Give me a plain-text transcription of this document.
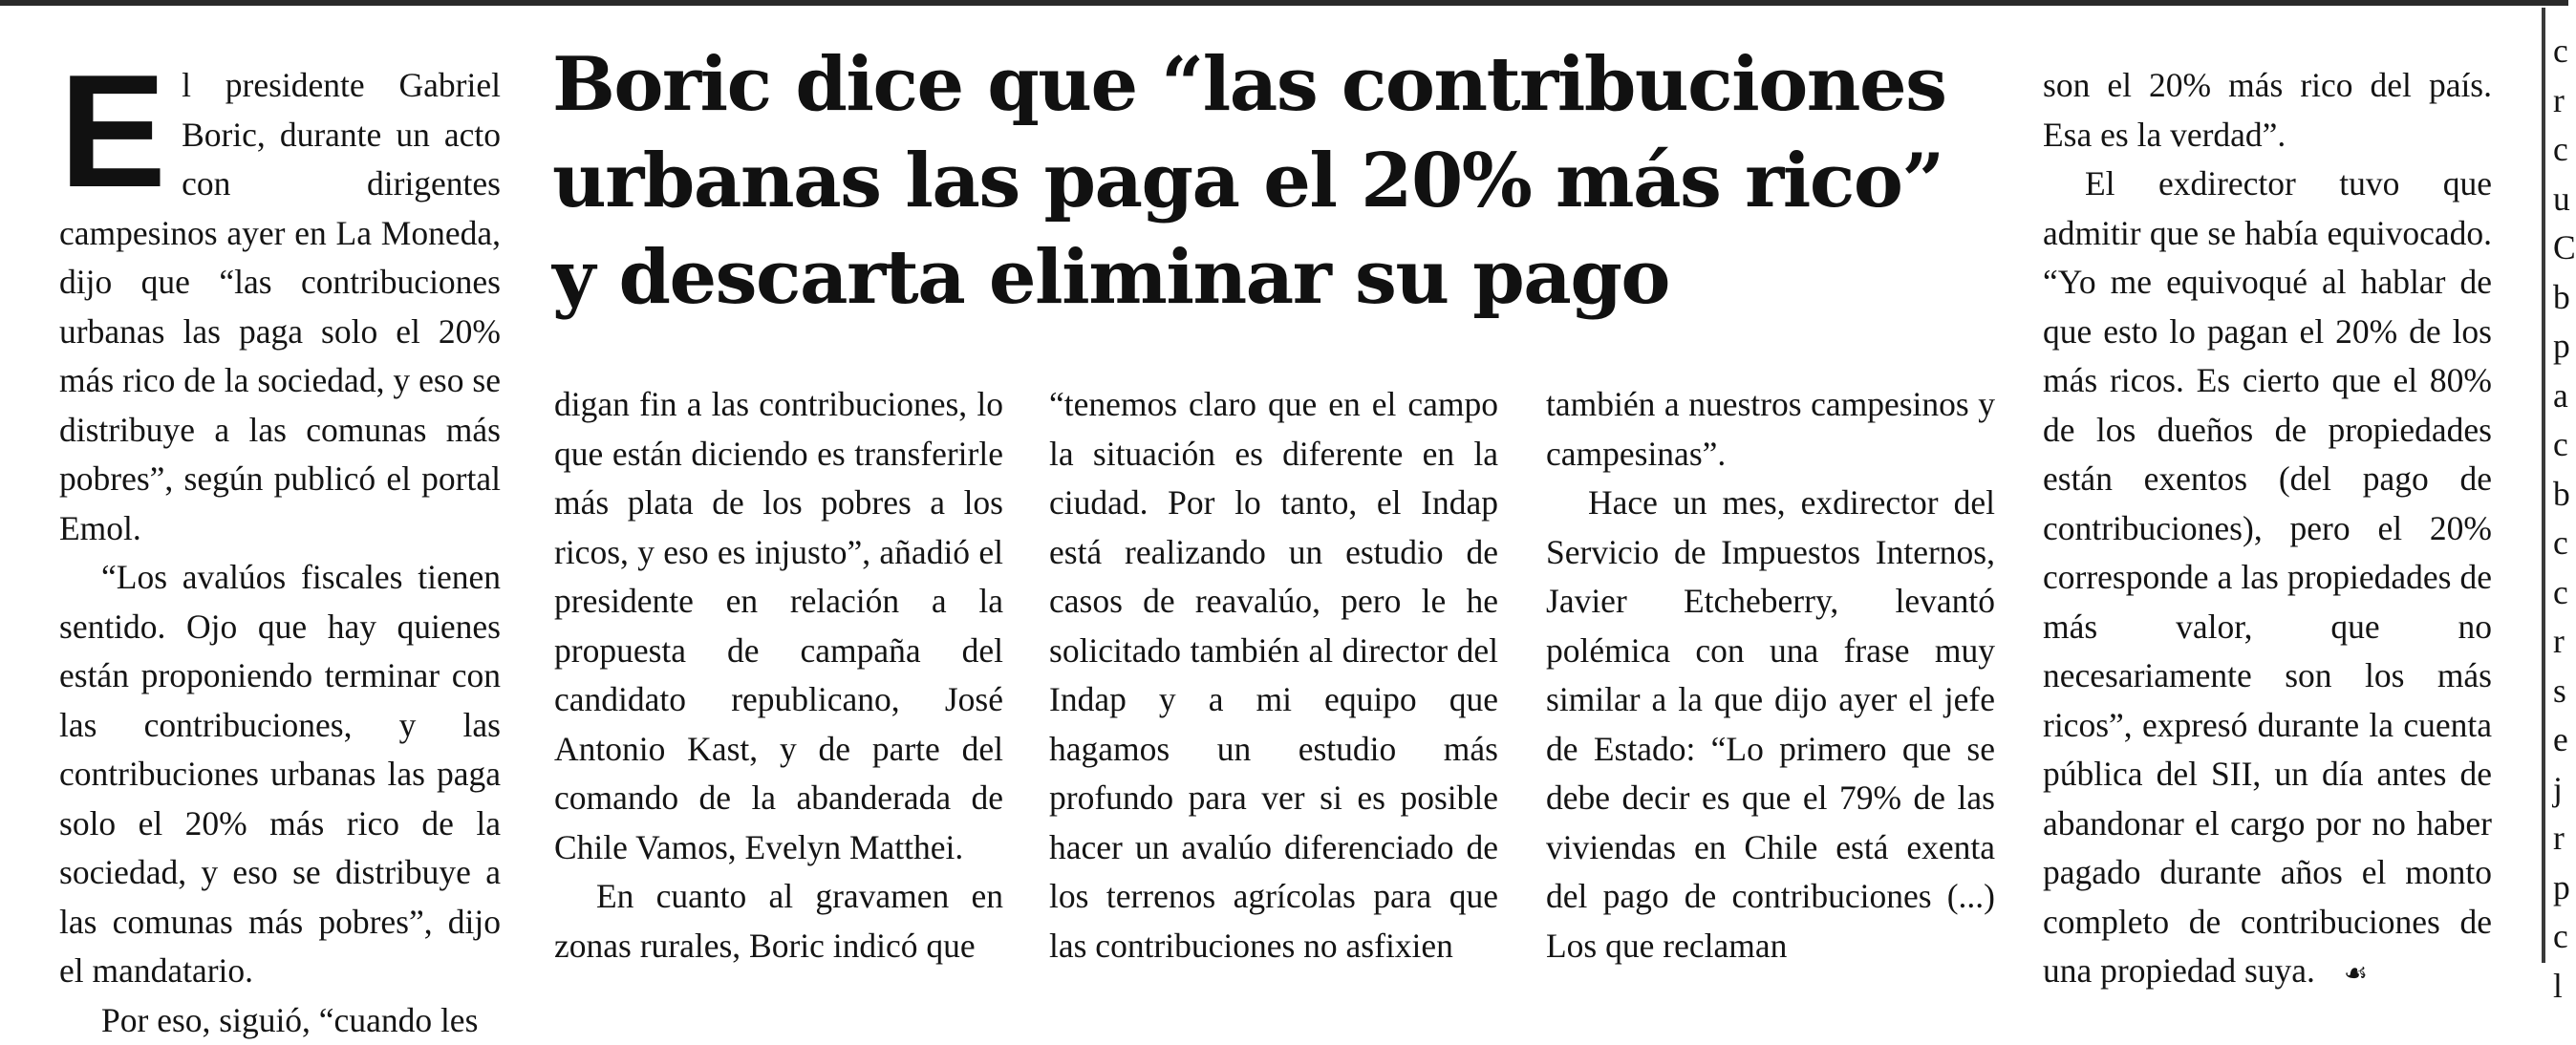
Boric dice que “las contribuciones
urbanas las paga el 20% más rico”
y descarta eliminar su pago

El presidente Gabriel Boric, durante un acto con dirigentes campesinos ayer en La Moneda, dijo que “las contribuciones urbanas las paga solo el 20% más rico de la sociedad, y eso se distribuye a las comunas más pobres”, según publicó el portal Emol.

“Los avalúos fiscales tienen sentido. Ojo que hay quienes están proponiendo terminar con las contribuciones, y las contribuciones urbanas las paga solo el 20% más rico de la sociedad, y eso se distribuye a las comunas más pobres”, dijo el mandatario.

Por eso, siguió, “cuando les

digan fin a las contribuciones, lo que están diciendo es transferirle más plata de los pobres a los ricos, y eso es injusto”, añadió el presidente en relación a la propuesta de campaña del candidato republicano, José Antonio Kast, y de parte del comando de la abanderada de Chile Vamos, Evelyn Matthei.

En cuanto al gravamen en zonas rurales, Boric indicó que

“tenemos claro que en el campo la situación es diferente en la ciudad. Por lo tanto, el Indap está realizando un estudio de casos de reavalúo, pero le he solicitado también al director del Indap y a mi equipo que hagamos un estudio más profundo para ver si es posible hacer un avalúo diferenciado de los terrenos agrícolas para que las contribuciones no asfixien

también a nuestros campesinos y campesinas”.

Hace un mes, exdirector del Servicio de Impuestos Internos, Javier Etcheberry, levantó polémica con una frase muy similar a la que dijo ayer el jefe de Estado: “Lo primero que se debe decir es que el 79% de las viviendas en Chile está exenta del pago de contribuciones (...) Los que reclaman

son el 20% más rico del país. Esa es la verdad”.

El exdirector tuvo que admitir que se había equivocado. “Yo me equivoqué al hablar de que esto lo pagan el 20% de los más ricos. Es cierto que el 80% de los dueños de propiedades están exentos (del pago de contribuciones), pero el 20% corresponde a las propiedades de más valor, que no necesariamente son los más ricos”, expresó durante la cuenta pública del SII, un día antes de abandonar el cargo por no haber pagado durante años el monto completo de contribuciones de una propiedad suya. ☙

c
r
c
u
C
b
p
a
c
b
c
c
r
s
e
j
r
p
c
l
